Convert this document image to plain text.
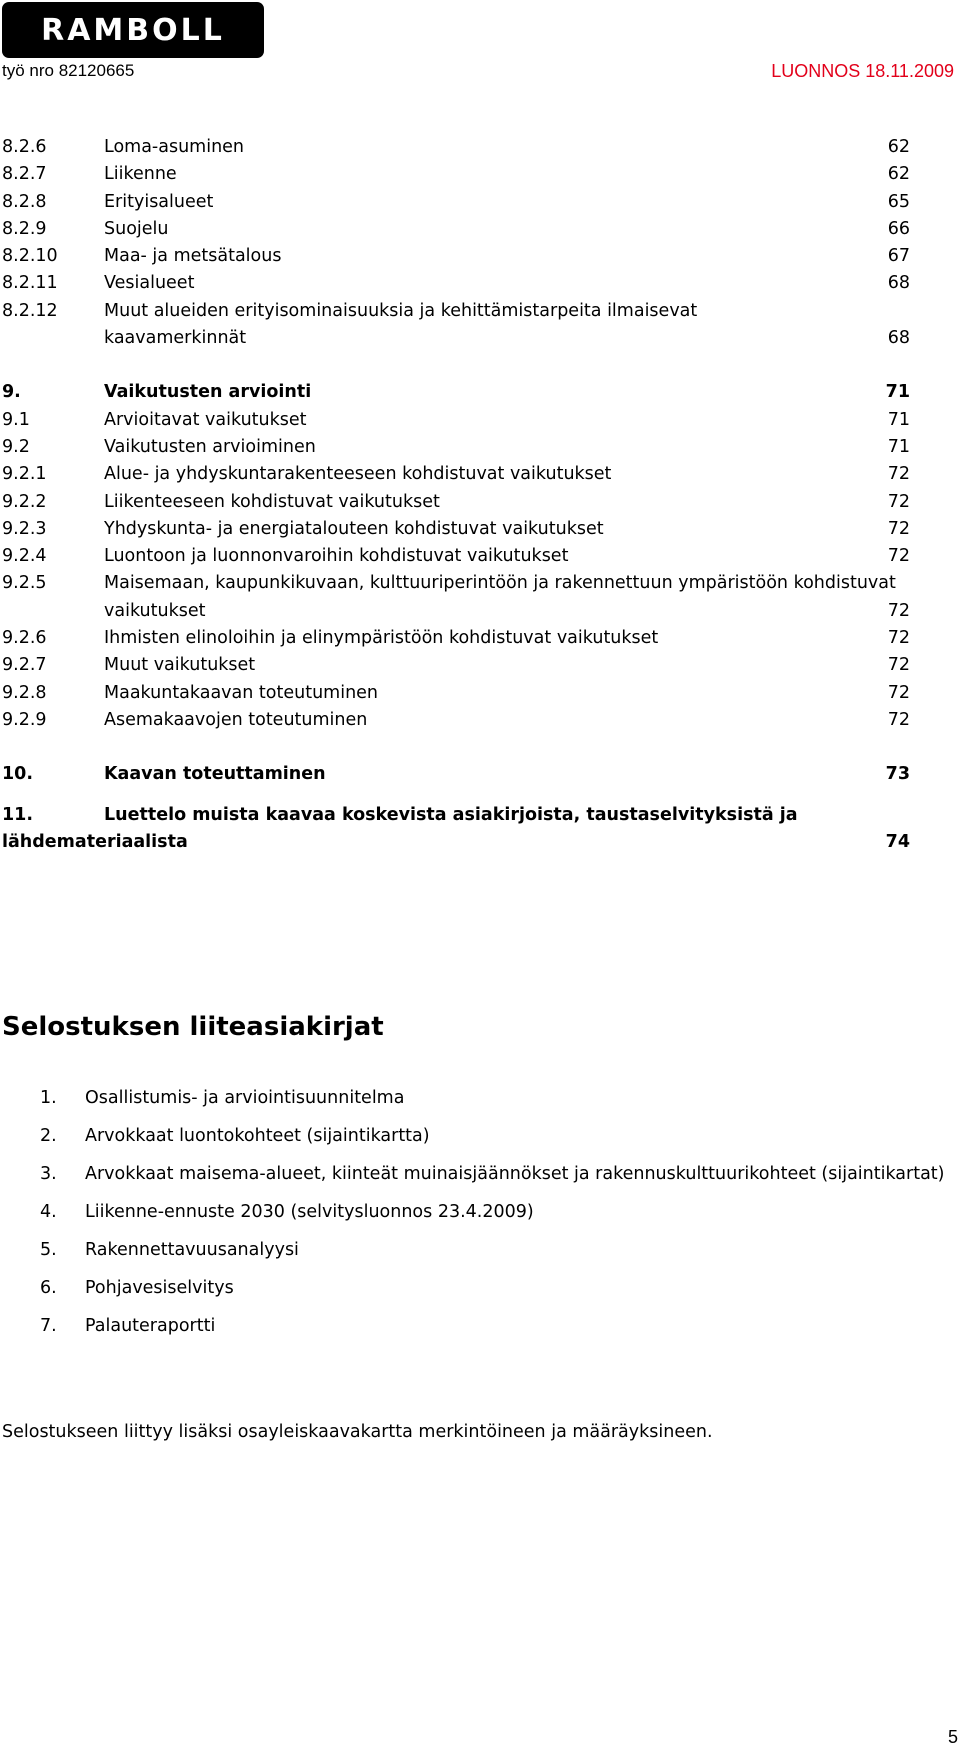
RAMBOLL
työ nro 82120665	LUONNOS 18.11.2009
8.2.6	Loma-asuminen	62
8.2.7	Liikenne	62
8.2.8	Erityisalueet	65
8.2.9	Suojelu	66
8.2.10	Maa- ja metsätalous	67
8.2.11	Vesialueet	68
8.2.12	Muut alueiden erityisominaisuuksia ja kehittämistarpeita ilmaisevat kaavamerkinnät	68
9.	Vaikutusten arviointi	71
9.1	Arvioitavat vaikutukset	71
9.2	Vaikutusten arvioiminen	71
9.2.1	Alue- ja yhdyskuntarakenteeseen kohdistuvat vaikutukset	72
9.2.2	Liikenteeseen kohdistuvat vaikutukset	72
9.2.3	Yhdyskunta- ja energiatalouteen kohdistuvat vaikutukset	72
9.2.4	Luontoon ja luonnonvaroihin kohdistuvat vaikutukset	72
9.2.5	Maisemaan, kaupunkikuvaan, kulttuuriperintöön ja rakennettuun ympäristöön kohdistuvat vaikutukset	72
9.2.6	Ihmisten elinoloihin ja elinympäristöön kohdistuvat vaikutukset	72
9.2.7	Muut vaikutukset	72
9.2.8	Maakuntakaavan toteutuminen	72
9.2.9	Asemakaavojen toteutuminen	72
10.	Kaavan toteuttaminen	73
11.	Luettelo muista kaavaa koskevista asiakirjoista, taustaselvityksistä ja lähdemateriaalista	74
Selostuksen liiteasiakirjat
1. Osallistumis- ja arviointisuunnitelma
2. Arvokkaat luontokohteet (sijaintikartta)
3. Arvokkaat maisema-alueet, kiinteät muinaisjäännökset ja rakennuskulttuurikohteet (sijaintikartat)
4. Liikenne-ennuste 2030 (selvitysluonnos 23.4.2009)
5. Rakennettavuusanalyysi
6. Pohjavesiselvitys
7. Palauteraportti
Selostukseen liittyy lisäksi osayleiskaavakartta merkintöineen ja määräyksineen.
5
